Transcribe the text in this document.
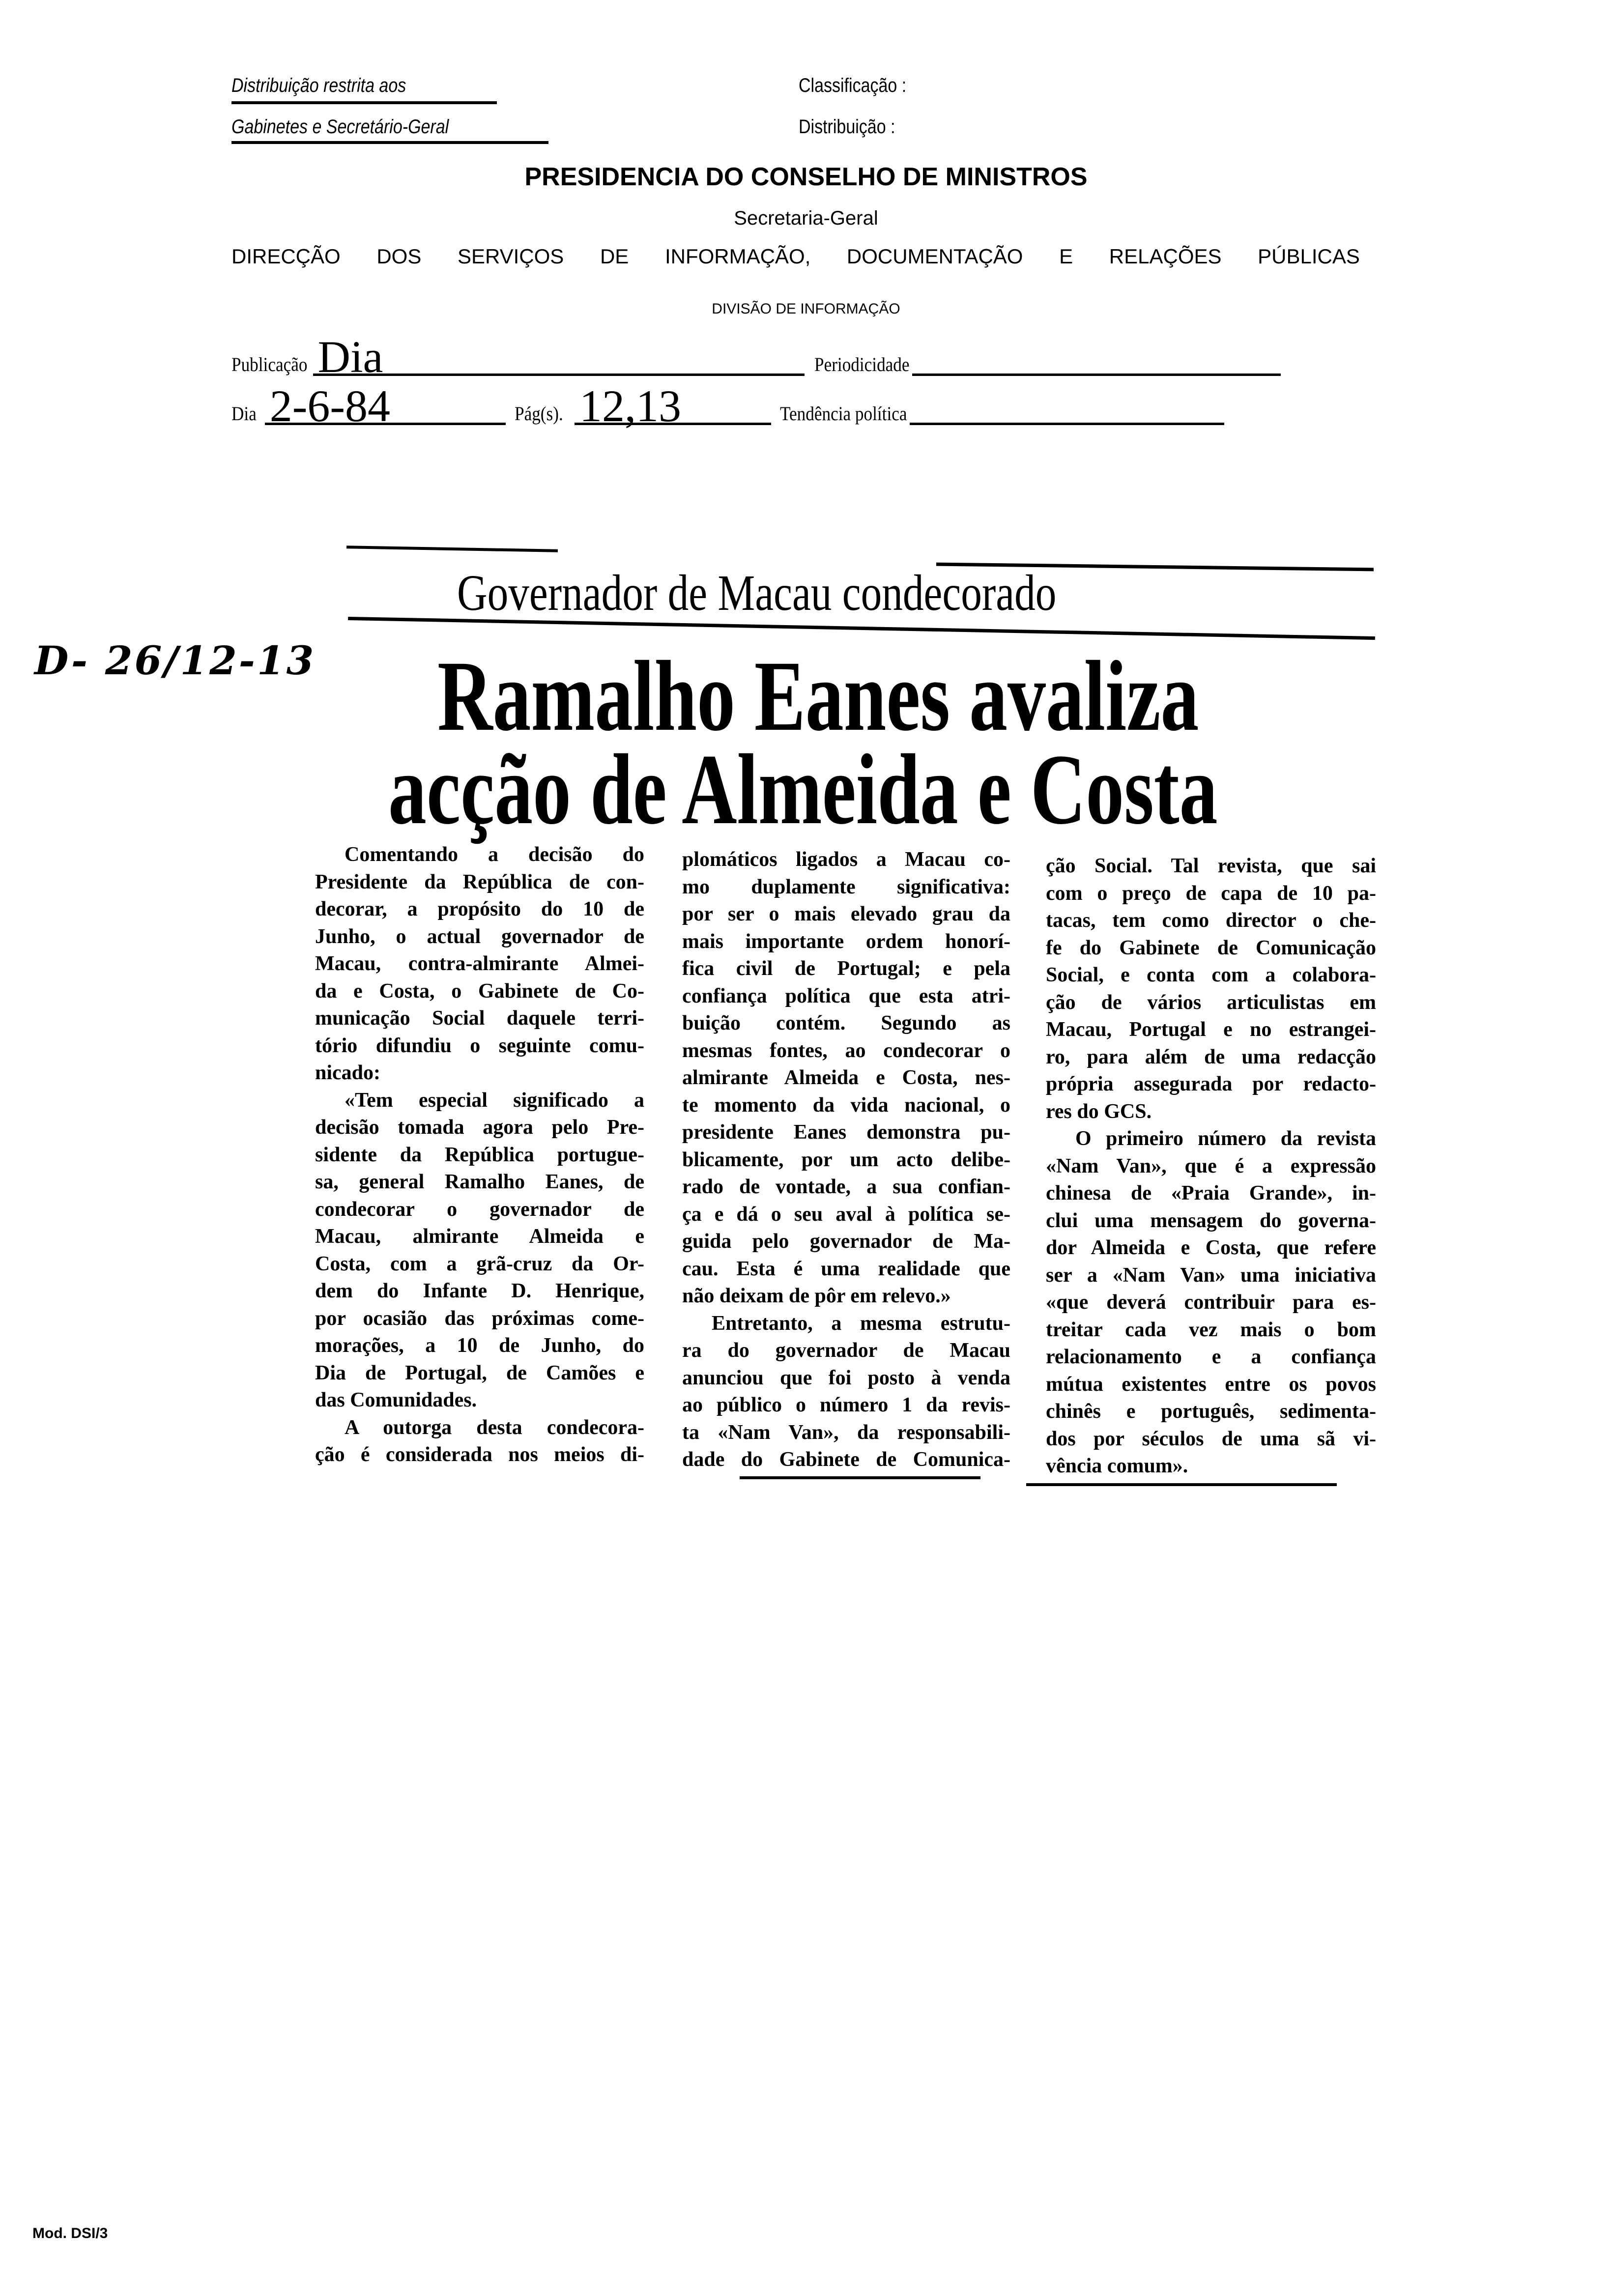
Distribuição restrita aos
Gabinetes e Secretário-Geral
Classificação :
Distribuição :
PRESIDENCIA DO CONSELHO DE MINISTROS
Secretaria-Geral
DIRECÇÃO DOS SERVIÇOS DE INFORMAÇÃO, DOCUMENTAÇÃO E RELAÇÕES PÚBLICAS
DIVISÃO DE INFORMAÇÃO
Publicação Dia	Periodicidade
Dia 2-6-84	Pág(s). 12,13	Tendência política
Governador de Macau condecorado
D- 26/12-13 Ramalho Eanes avaliza
acção de Almeida e Costa
Comentando a decisão do
Presidente da República de con-
decorar, a propósito do 10 de
Junho, o actual governador de
Macau, contra-almirante Almei-
da e Costa, o Gabinete de Co-
municação Social daquele terri-
tório difundiu o seguinte comu-
nicado:
«Tem especial significado a
decisão tomada agora pelo Pre-
sidente da República portugue-
sa, general Ramalho Eanes, de
condecorar o governador de
Macau, almirante Almeida e
Costa, com a grã-cruz da Or-
dem do Infante D. Henrique,
por ocasião das próximas come-
morações, a 10 de Junho, do
Dia de Portugal, de Camões e
das Comunidades.
A outorga desta condecora-
ção é considerada nos meios di-
plomáticos ligados a Macau co-
mo duplamente significativa:
por ser o mais elevado grau da
mais importante ordem honorí-
fica civil de Portugal; e pela
confiança política que esta atri-
buição contém. Segundo as
mesmas fontes, ao condecorar o
almirante Almeida e Costa, nes-
te momento da vida nacional, o
presidente Eanes demonstra pu-
blicamente, por um acto delibe-
rado de vontade, a sua confian-
ça e dá o seu aval à política se-
guida pelo governador de Ma-
cau. Esta é uma realidade que
não deixam de pôr em relevo.»
Entretanto, a mesma estrutu-
ra do governador de Macau
anunciou que foi posto à venda
ao público o número 1 da revis-
ta «Nam Van», da responsabili-
dade do Gabinete de Comunica-
ção Social. Tal revista, que sai
com o preço de capa de 10 pa-
tacas, tem como director o che-
fe do Gabinete de Comunicação
Social, e conta com a colabora-
ção de vários articulistas em
Macau, Portugal e no estrangei-
ro, para além de uma redacção
própria assegurada por redacto-
res do GCS.
O primeiro número da revista
«Nam Van», que é a expressão
chinesa de «Praia Grande», in-
clui uma mensagem do governa-
dor Almeida e Costa, que refere
ser a «Nam Van» uma iniciativa
«que deverá contribuir para es-
treitar cada vez mais o bom
relacionamento e a confiança
mútua existentes entre os povos
chinês e português, sedimenta-
dos por séculos de uma sã vi-
vência comum».
Mod. DSI/3
